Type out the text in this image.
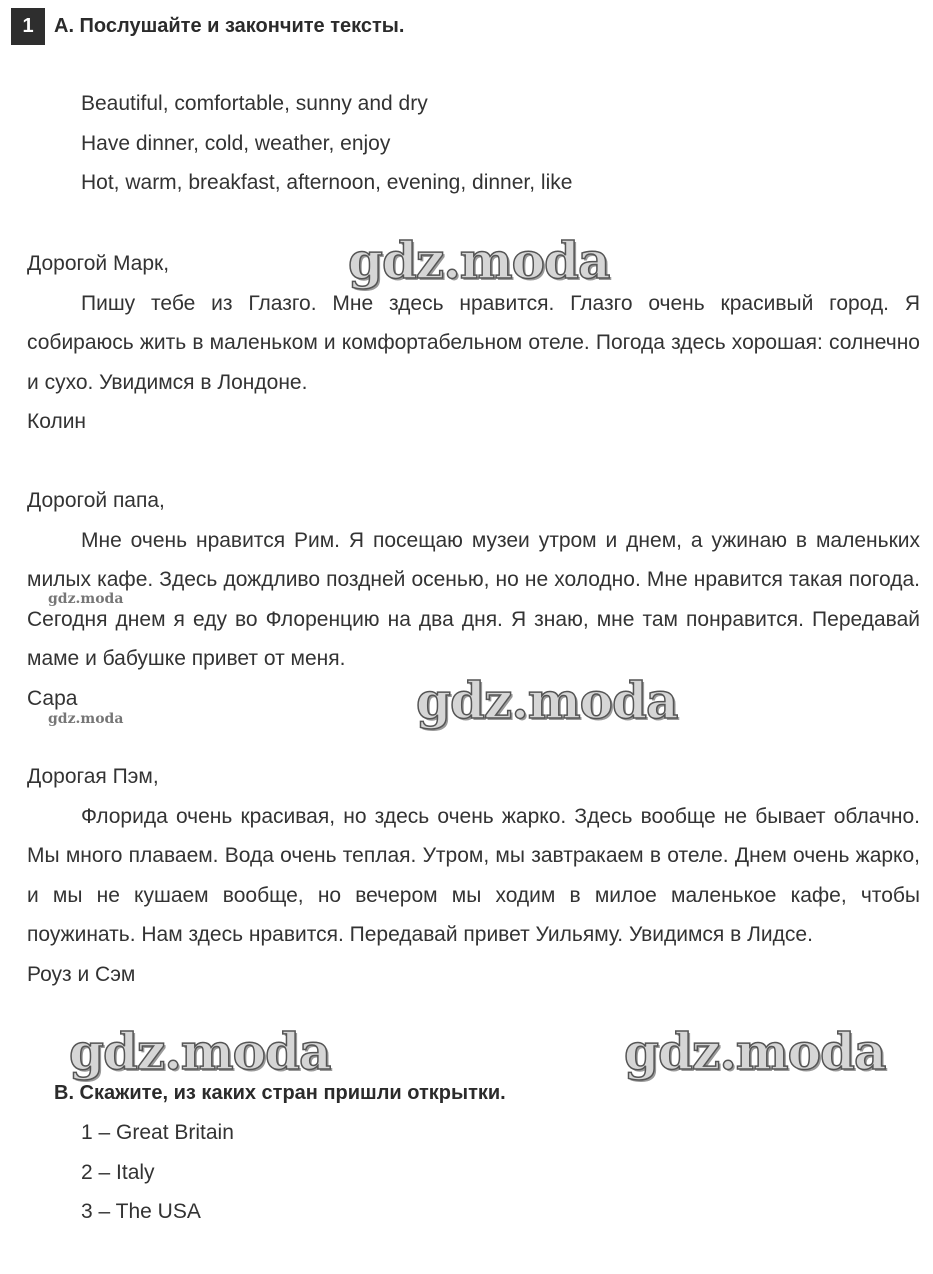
1	A. Послушайте и закончите тексты.
Beautiful, comfortable, sunny and dry
Have dinner, cold, weather, enjoy
Hot, warm, breakfast, afternoon, evening, dinner, like

Дорогой Марк,

Пишу тебе из Глазго. Мне здесь нравится. Глазго очень красивый город. Я собираюсь жить в маленьком и комфортабельном отеле. Погода здесь хорошая: солнечно и сухо. Увидимся в Лондоне.

Колин

Дорогой папа,

Мне очень нравится Рим. Я посещаю музеи утром и днем, а ужинаю в маленьких милых кафе. Здесь дождливо поздней осенью, но не холодно. Мне нравится такая погода. Сегодня днем я еду во Флоренцию на два дня. Я знаю, мне там понравится. Передавай маме и бабушке привет от меня.

Сара

Дорогая Пэм,

Флорида очень красивая, но здесь очень жарко. Здесь вообще не бывает облачно. Мы много плаваем. Вода очень теплая. Утром, мы завтракаем в отеле. Днем очень жарко, и мы не кушаем вообще, но вечером мы ходим в милое маленькое кафе, чтобы поужинать. Нам здесь нравится. Передавай привет Уильяму. Увидимся в Лидсе.

Роуз и Сэм

B. Скажите, из каких стран пришли открытки.
1 – Great Britain
2 – Italy
3 – The USA
gdz.moda
gdz.moda
gdz.moda	gdz.moda
gdz.moda
gdz.moda
